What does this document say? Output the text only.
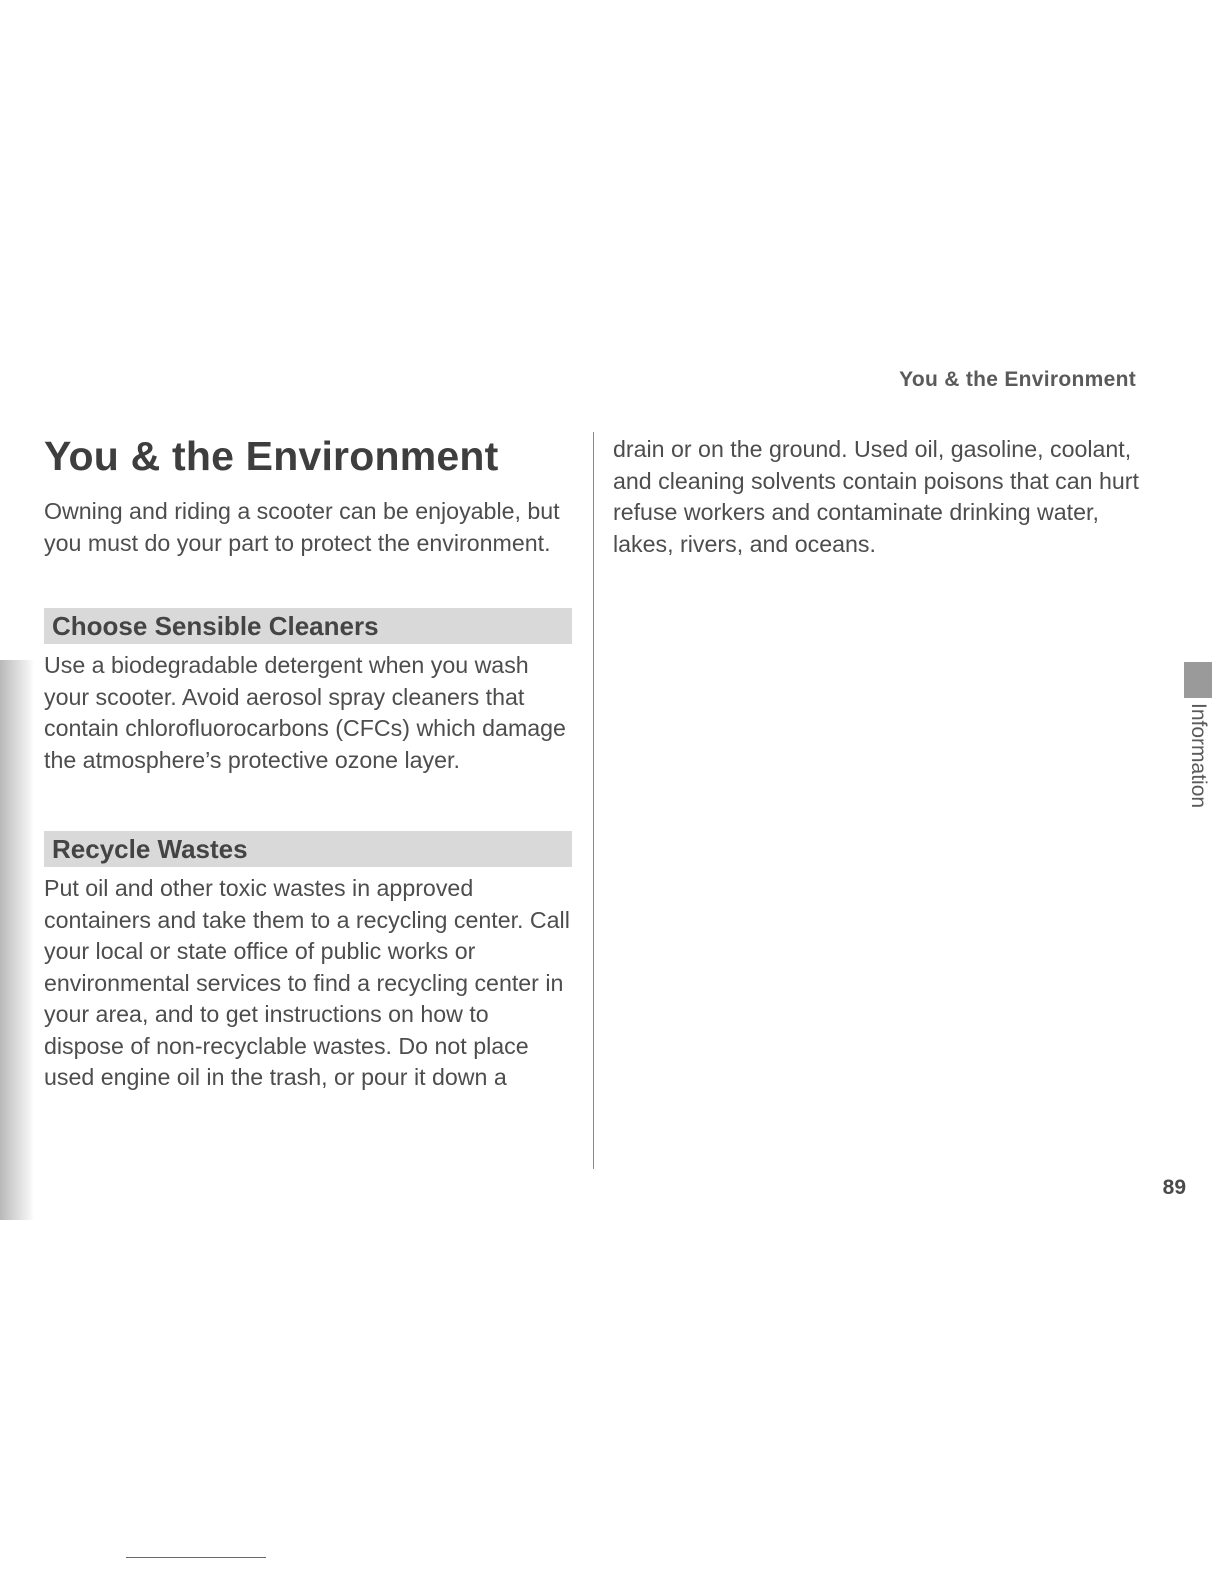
You & the Environment
You & the Environment

Owning and riding a scooter can be enjoyable, but you must do your part to protect the environment.

Choose Sensible Cleaners

Use a biodegradable detergent when you wash your scooter. Avoid aerosol spray cleaners that contain chlorofluorocarbons (CFCs) which damage the atmosphere’s protective ozone layer.

Recycle Wastes

Put oil and other toxic wastes in approved containers and take them to a recycling center. Call your local or state office of public works or environmental services to find a recycling center in your area, and to get instructions on how to dispose of non-recyclable wastes. Do not place used engine oil in the trash, or pour it down a

drain or on the ground. Used oil, gasoline, coolant, and cleaning solvents contain poisons that can hurt refuse workers and contaminate drinking water, lakes, rivers, and oceans.

Information
89
